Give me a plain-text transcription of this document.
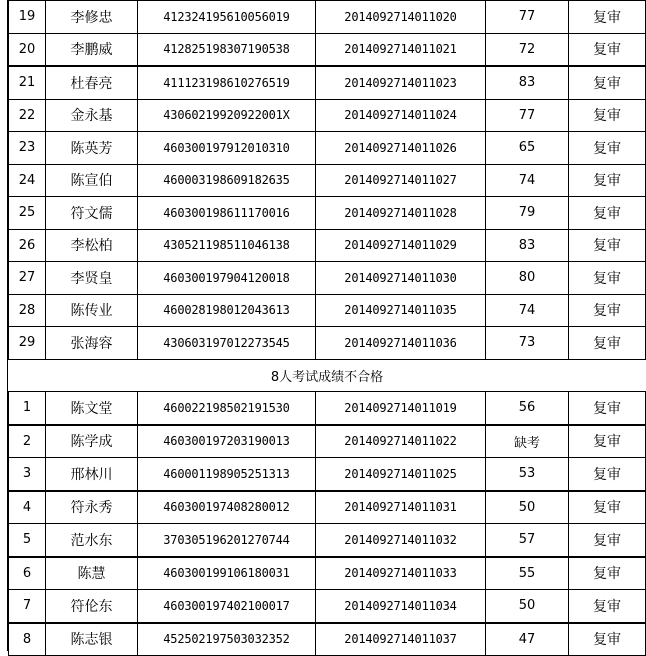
19	李修忠	412324195610056019	2014092714011020	77	复审
20	李鹏威	412825198307190538	2014092714011021	72	复审
21	杜春亮	411123198610276519	2014092714011023	83	复审
22	金永基	43060219920922001X	2014092714011024	77	复审
23	陈英芳	460300197912010310	2014092714011026	65	复审
24	陈宣伯	460003198609182635	2014092714011027	74	复审
25	符文儒	460300198611170016	2014092714011028	79	复审
26	李松柏	430521198511046138	2014092714011029	83	复审
27	李贤皇	460300197904120018	2014092714011030	80	复审
28	陈传业	460028198012043613	2014092714011035	74	复审
29	张海容	430603197012273545	2014092714011036	73	复审
8人考试成绩不合格					
1	陈文堂	460022198502191530	2014092714011019	56	复审
2	陈学成	460300197203190013	2014092714011022	缺考	复审
3	邢林川	460001198905251313	2014092714011025	53	复审
4	符永秀	460300197408280012	2014092714011031	50	复审
5	范水东	370305196201270744	2014092714011032	57	复审
6	陈慧	460300199106180031	2014092714011033	55	复审
7	符伦东	460300197402100017	2014092714011034	50	复审
8	陈志银	452502197503032352	2014092714011037	47	复审
